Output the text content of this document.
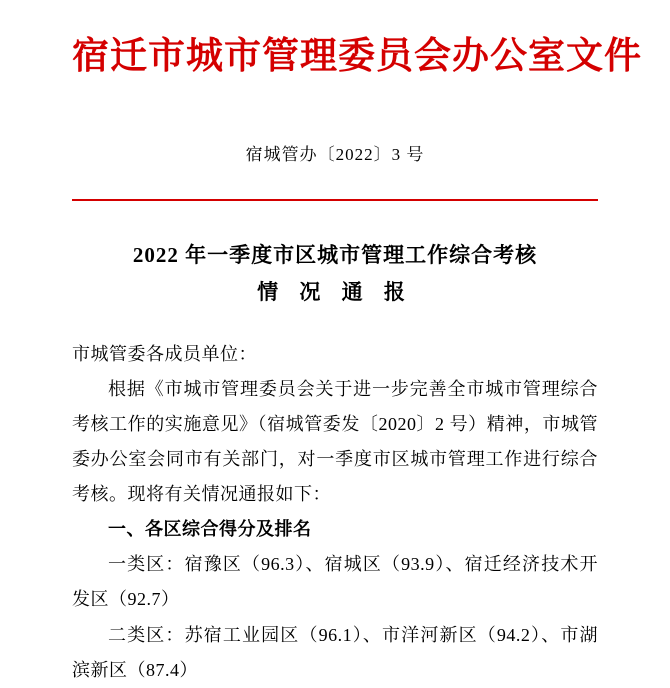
宿迁市城市管理委员会办公室文件
宿城管办〔2022〕3 号
2022 年一季度市区城市管理工作综合考核
情 况 通 报

市城管委各成员单位：

根据《市城市管理委员会关于进一步完善全市城市管理综合考核工作的实施意见》（宿城管委发〔2020〕2 号）精神，市城管委办公室会同市有关部门，对一季度市区城市管理工作进行综合考核。现将有关情况通报如下：

一、各区综合得分及排名

一类区：宿豫区（96.3）、宿城区（93.9）、宿迁经济技术开发区（92.7）

二类区：苏宿工业园区（96.1）、市洋河新区（94.2）、市湖滨新区（87.4）
